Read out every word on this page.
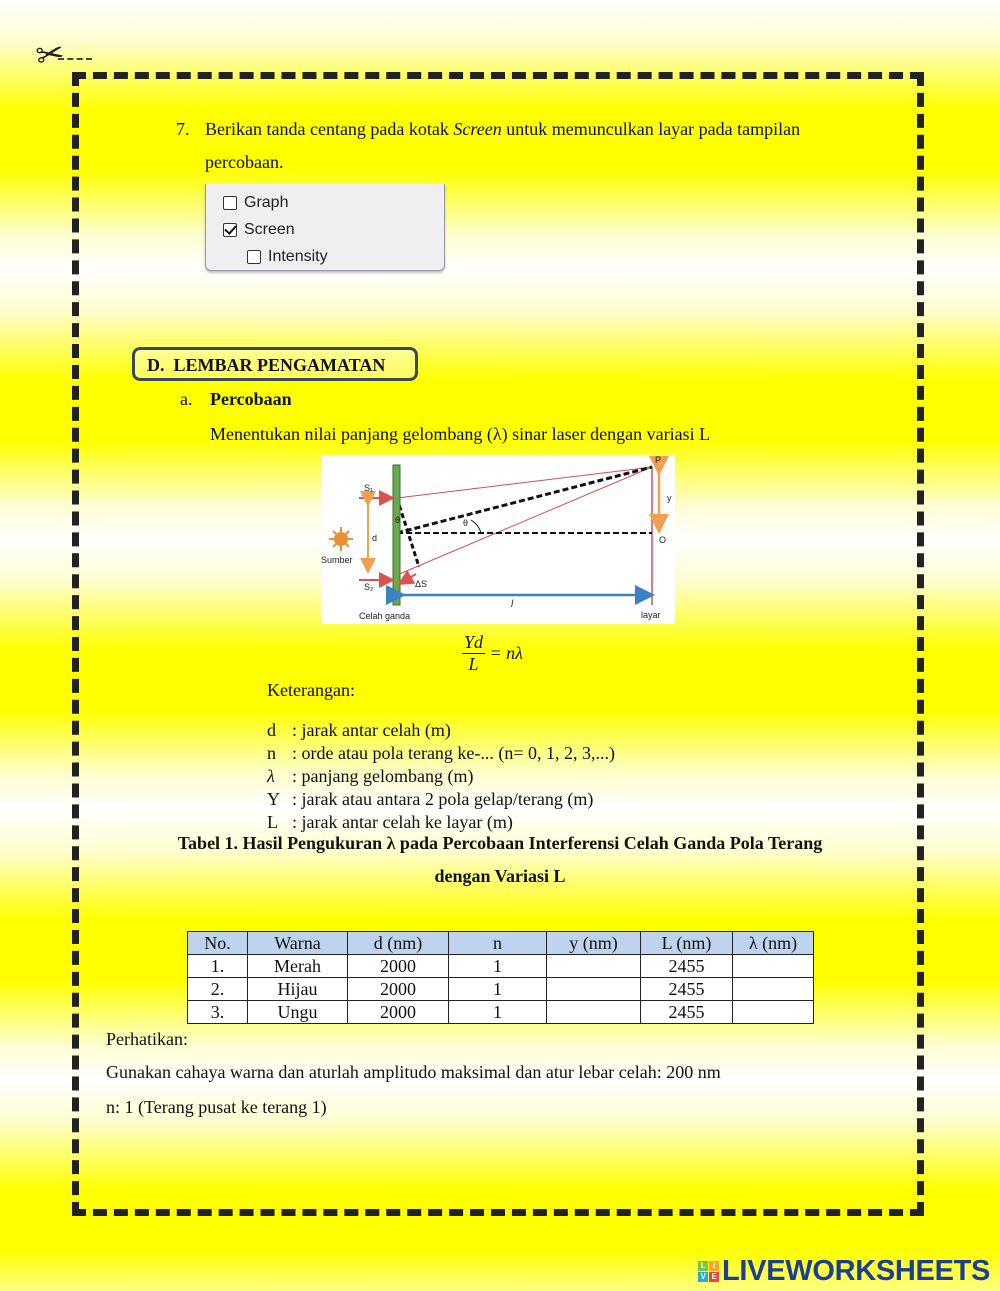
✂
7. Berikan tanda centang pada kotak Screen untuk memunculkan layar pada tampilan
percobaan.
Graph
Screen
Intensity
D.  LEMBAR PENGAMATAN
a. Percobaan
Menentukan nilai panjang gelombang (λ) sinar laser dengan variasi L
S₁
S₂
d
Sumber
Celah ganda	layar
P
O
y
θ
θ
ΔS
l
$\frac{Yd}{L} = n\lambda$
Keterangan:
d : jarak antar celah (m)
n : orde atau pola terang ke-... (n= 0, 1, 2, 3,...)
λ : panjang gelombang (m)
Y : jarak atau antara 2 pola gelap/terang (m)
L : jarak antar celah ke layar (m)
Tabel 1. Hasil Pengukuran λ pada Percobaan Interferensi Celah Ganda Pola Terang
dengan Variasi L
No.	Warna	d (nm)	n	y (nm)	L (nm)	λ (nm)
1.	Merah	2000	1		2455	
2.	Hijau	2000	1		2455	
3.	Ungu	2000	1		2455	
Perhatikan:
Gunakan cahaya warna dan aturlah amplitudo maksimal dan atur lebar celah: 200 nm
n: 1 (Terang pusat ke terang 1)
L I
V E LIVEWORKSHEETS
